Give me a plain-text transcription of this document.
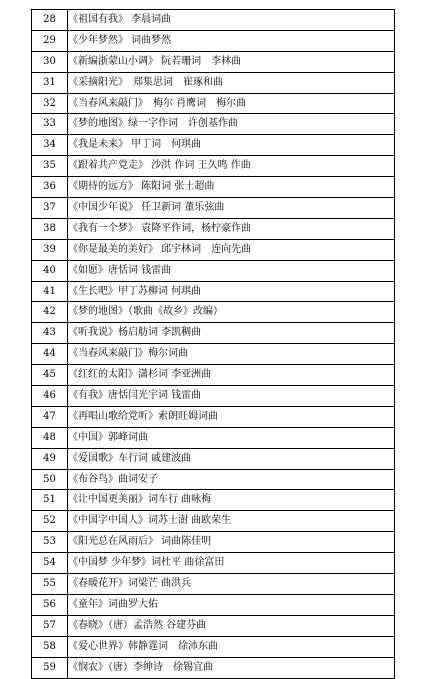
28	《祖国有我》 李晨词曲
29	《少年梦然》 词曲梦然
30	《新编浙蒙山小调》 阮若珊词　李林曲
31	《采摘阳光》　郑集思词　崔琢和曲
32	《当春风来敲门》　梅尔 肖鹰词　梅尔曲
33	《梦的地图》绿一字作词　许创基作曲
34	《我是未来》 甲丁词　何琪曲
35	《跟着共产党走》 沙洪 作词 王久鸣 作曲
36	《期待的远方》 陈阳词 张士超曲
37	《中国少年说》 任卫新词 董乐弦曲
38	《我有一个梦》 袁降平作词，杨柠豪作曲
39	《你是最美的美好》 邱宇林词　连向先曲
40	《如愿》唐恬词 钱雷曲
41	《生长吧》甲丁苏柳词 何琪曲
42	《梦的地图》（歌曲《故乡》改编）
43	《听我说》杨启舫词 李凯稠曲
44	《当春风来敲门》梅尔词曲
45	《红红的太阳》潇杉词 李亚洲曲
46	《有我》唐恬闫光宇词 钱雷曲
47	《再唱山歌给党听》索朗旺姆词曲
48	《中国》郭峰词曲
49	《爱国歌》车行词 戚建波曲
50	《布谷鸟》曲词安子
51	《让中国更美丽》词车行 曲咏梅
52	《中国字中国人》词苏士澍 曲欧荣生
53	《阳光总在风雨后》 词曲陈佳明
54	《中国梦 少年梦》词杜平 曲徐富田
55	《春暖花开》词梁芒 曲洪兵
56	《童年》词曲罗大佑
57	《春晓》（唐）孟浩然 谷建芬曲
58	《爱心世界》韩静霆词　徐沛东曲
59	《悯农》（唐）李绅诗　徐锡宜曲
